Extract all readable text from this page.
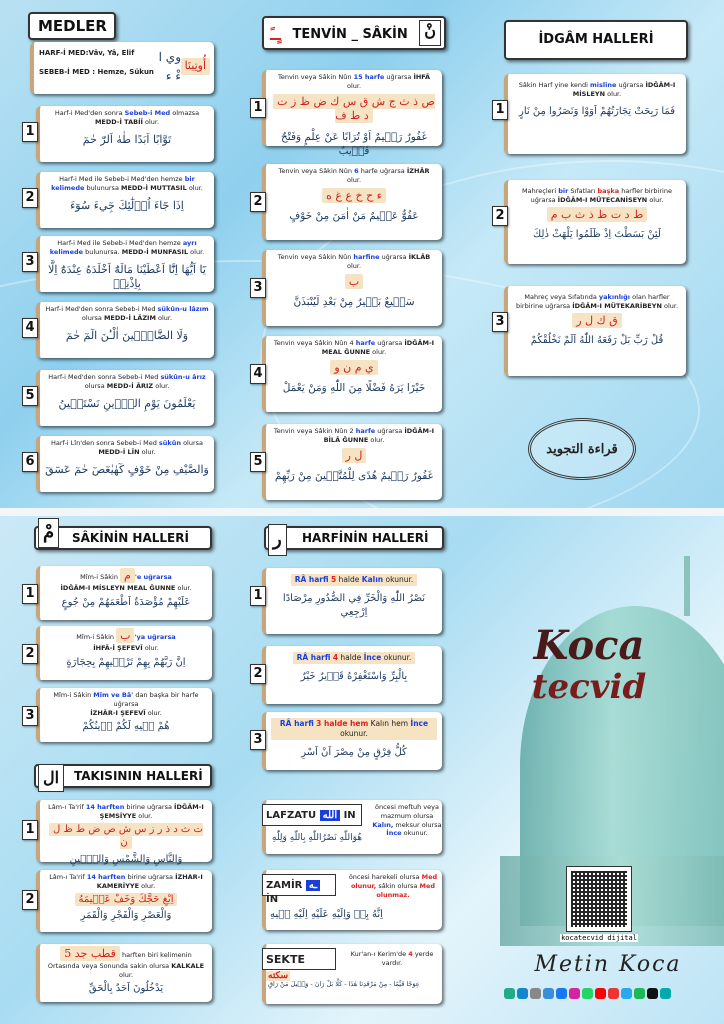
MEDLER
HARF-İ MED:Vâv, Yâ, Elif وي ا
SEBEB-İ MED : Hemze, Sükun ءْ ء
أُوتِينَا
Harf-i Med'den sonra Sebeb-i Med olmazsa MEDD-İ TABİÎ olur.
تَوَّابًا اَبَدًا طٰهٰ اَلرّٰ حٰمٓ
1
Harf-i Med ile Sebeb-i Med'den hemze bir kelimede bulunursa MEDD-İ MUTTASIL olur.
اِذَا جَٓاءَ اُو۬لٰٓئِكَ جِٓيءَ سُوٓءَ
2
Harf-i Med ile Sebeb-i Med'den hemze ayrı kelimede bulunursa. MEDD-İ MUNFASIL olur.
يَٓا اَيُّهَا اِنَّٓا اَعْطَيْنَا مَالَهُٓ اَخْلَدَهُ عِنْدَهُٓ اِلَّا بِاِذْنِهٖ
3
Harf-i Med'den sonra Sebeb-i Med sükûn-u lâzım olursa MEDD-İ LÂZIM olur.
وَلَا الضَّٓالّٖينَ اٰلْـٰٔنَ الٓمٓ حٰمٓ
4
Harf-i Med'den sonra Sebeb-i Med sükûn-u ârız olursa MEDD-İ ÂRIZ olur.
يَعْلَمُونَ يَوْمِ الدّٖينِ نَسْتَعٖينُ
5
Harf-i Lîn'den sonra Sebeb-i Med sükûn olursa MEDD-İ LÎN olur.
وَالصَّيْفِ مِنْ خَوْفٍ كٓهٰيٰعٓصٓ حٰمٓ عٓسٓقٓ
6
ـٍـً TENVİN _ SÂKİN	نْ
Tenvin veya Sâkin Nûn 15 harfe uğrarsa İHFÂ olur.
ص ذ ث ج ش ق س ك ض ظ ز ت د ط ف
غَفُورٌ رَح۪يمٌ اَوْ تُرَابًا عَنْ عِلْمٍ وَفَتْحٌ قَر۪يبٌ
1
Tenvin veya Sâkin Nûn 6 harfe uğrarsa İZHÂR olur.
ء ح خ ع غ ه
عَفُوٌّ عَل۪يمٌ مَنْ اٰمَنَ مِنْ خَوْفٍ
2
Tenvin veya Sâkin Nûn harfine uğrarsa İKLÂB olur.
ب
سَم۪يعٌ بَص۪يرٌ مِنْ بَعْدِ لَيُنْبَذَنَّ
3
Tenvin veya Sâkin Nûn 4 harfe uğrarsa İDĞÂM-I MEAL ĞUNNE olur.
ي م ن و
خَيْرًا يَرَهُ فَضْلًا مِنَ اللّٰهِ وَمَنْ يَعْمَلْ
4
Tenvin veya Sâkin Nûn 2 harfe uğrarsa İDĞÂM-I BİLÂ ĞUNNE olur.
ل ر
غَفُورٌ رَح۪يمٌ هُدًى لِلْمُتَّق۪ينَ مِنْ رَبِّهِمْ
5
İDGÂM HALLERİ
Sâkin Harf yine kendi misline uğrarsa İDĞÂM-I MİSLEYN olur.
فَمَا رَبِحَتْ تِجَارَتُهُمْ اَوَوْا وَنَصَرُوا مِنْ نَارٍ
1
Mahreçleri bir Sıfatları başka harfler birbirine uğrarsa İDĞÂM-I MÜTECANİSEYN olur.
ط د ت ظ ذ ث ب م
لَئِنْ بَسَطْتَ اِذْ ظَلَمُوا يَلْهَثْ ذٰلِكَ
2
Mahreç veya Sıfatında yakınlığı olan harfler birbirine uğrarsa İDĞÂM-I MÜTEKARİBEYN olur.
ق ك ل ر
قُلْ رَبِّ بَلْ رَفَعَهُ اللّٰهُ اَلَمْ نَخْلُقْكُمْ
3
قراءة التجويد
مْ	SÂKİNİN HALLERİ
Mîm-i Sâkin م 'e uğrarsa
İDĞÂM-I MİSLEYN MEAL ĞUNNE olur.
عَلَيْهِمْ مُؤْصَدَةٌ اَطْعَمَهُمْ مِنْ جُوعٍ
1
Mîm-i Sâkin ب 'ya uğrarsa
İHFÂ-İ ŞEFEVÎ olur.
اِنَّ رَبَّهُمْ بِهِمْ تَرْم۪يهِمْ بِحِجَارَةٍ
2
Mîm-i Sâkin Mîm ve Bâ' dan başka bir harfe uğrarsa
İZHÂR-I ŞEFEVÎ olur.
هُمْ ف۪يهِ لَكُمْ د۪ينُكُمْ
3
ال	TAKISININ HALLERİ
Lâm-ı Ta'rif 14 harften birine uğrarsa İDĞÂM-I ŞEMSİYYE olur.
ت ث د ذ ر ز س ش ص ض ط ظ ل ن
وَالنَّاسِ وَالشَّمْسِ وَالتّ۪ينِ
1
Lâm-ı Ta'rif 14 harften birine uğrarsa İZHAR-I KAMERİYYE olur.
اِبْغِ حَجَّكَ وَخَفْ عَق۪يمَهُ
وَالْعَصْرِ وَالْفَجْرِ وَالْقَمَرِ
2
قطب جد 5 harften biri kelimenin Ortasında veya Sonunda sakin olursa KALKALE olur.
يَدْخُلُونَ اَحَدٌ بِالْحَقِّ
ر	HARFİNİN HALLERİ
RÂ harfi 5 halde Kalın okunur.
نَصْرُ اللّٰهِ وَالْخَرِّ فِي الصُّدُورِ مِرْصَادًا اِرْجِعِي
1
RÂ harfi 4 halde İnce okunur.
بِالْبِرِّ وَاسْتَغْفِرْهُ قَد۪يرٌ خَيْرٌ
2
RÂ harfi 3 halde hem Kalın hem İnce okunur.
كُلُّ فِرْقٍ مِنْ مِصْرَ اَنْ اَسْرِ
3
LAFZATU الله IN
öncesi meftuh veya mazmum olursa Kalın, meksur olursa İnce okunur.
هُوَاللّٰهِ نَصْرُاللّٰهِ بِاللّٰهِ وَلِلّٰهِ
ZAMİR ـه İN
öncesi harekeli olursa Med olunur, sâkin olursa Med olunmaz.
اِنَّهُ بِهٖ وَاِلَيْهِ عَلَيْهِ اِلَيْهِ ف۪يهِ
SEKTE سكته
Kur'an-ı Kerim'de 4 yerde vardır.
عِوَجًا قَيِّمًا - مِنْ مَرْقَدِنَا هٰذَا - كَلَّا بَلْ رَانَ - وَق۪يلَ مَنْ رَاقٍ
Koca
tecvid
kocatecvid dijital
Metin Koca
